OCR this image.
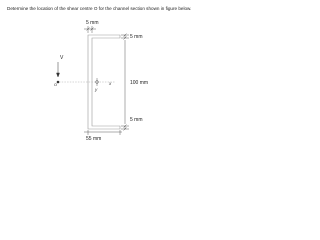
Determine the location of the shear centre O for the channel section shown in figure below.
5 mm
5 mm
100 mm
5 mm
55 mm
V
O
y
x
